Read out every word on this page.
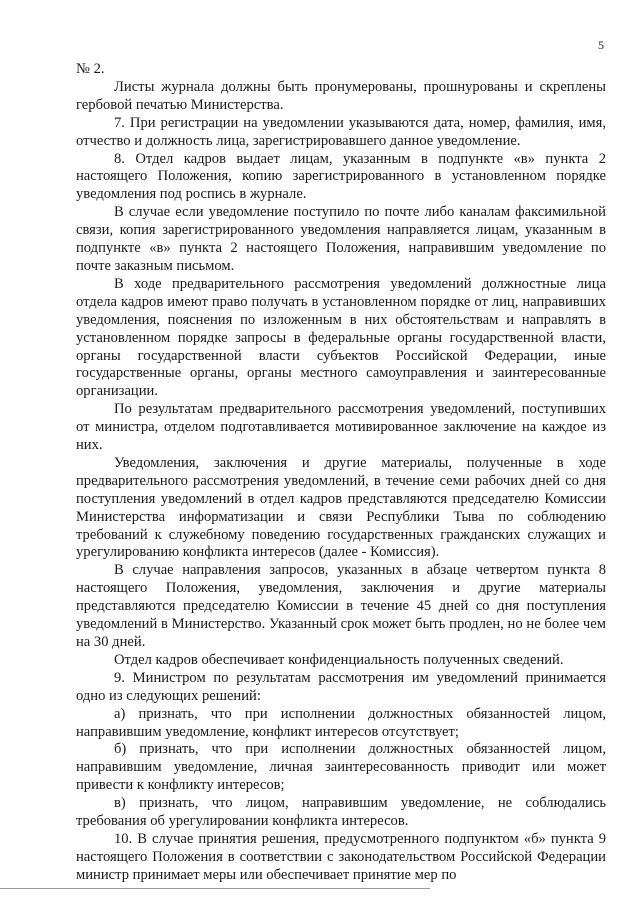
5

№ 2.

Листы журнала должны быть пронумерованы, прошнурованы и скреплены гербовой печатью Министерства.

7. При регистрации на уведомлении указываются дата, номер, фамилия, имя, отчество и должность лица, зарегистрировавшего данное уведомление.

8. Отдел кадров выдает лицам, указанным в подпункте «в» пункта 2 настоящего Положения, копию зарегистрированного в установленном порядке уведомления под роспись в журнале.

В случае если уведомление поступило по почте либо каналам факсимильной связи, копия зарегистрированного уведомления направляется лицам, указанным в подпункте «в» пункта 2 настоящего Положения, направившим уведомление по почте заказным письмом.

В ходе предварительного рассмотрения уведомлений должностные лица отдела кадров имеют право получать в установленном порядке от лиц, направивших уведомления, пояснения по изложенным в них обстоятельствам и направлять в установленном порядке запросы в федеральные органы государственной власти, органы государственной власти субъектов Российской Федерации, иные государственные органы, органы местного самоуправления и заинтересованные организации.

По результатам предварительного рассмотрения уведомлений, поступивших от министра, отделом подготавливается мотивированное заключение на каждое из них.

Уведомления, заключения и другие материалы, полученные в ходе предварительного рассмотрения уведомлений, в течение семи рабочих дней со дня поступления уведомлений в отдел кадров представляются председателю Комиссии Министерства информатизации и связи Республики Тыва по соблюдению требований к служебному поведению государственных гражданских служащих и урегулированию конфликта интересов (далее - Комиссия).

В случае направления запросов, указанных в абзаце четвертом пункта 8 настоящего Положения, уведомления, заключения и другие материалы представляются председателю Комиссии в течение 45 дней со дня поступления уведомлений в Министерство. Указанный срок может быть продлен, но не более чем на 30 дней.

Отдел кадров обеспечивает конфиденциальность полученных сведений.

9. Министром по результатам рассмотрения им уведомлений принимается одно из следующих решений:

а) признать, что при исполнении должностных обязанностей лицом, направившим уведомление, конфликт интересов отсутствует;

б) признать, что при исполнении должностных обязанностей лицом, направившим уведомление, личная заинтересованность приводит или может привести к конфликту интересов;

в) признать, что лицом, направившим уведомление, не соблюдались требования об урегулировании конфликта интересов.

10. В случае принятия решения, предусмотренного подпунктом «б» пункта 9 настоящего Положения в соответствии с законодательством Российской Федерации министр принимает меры или обеспечивает принятие мер по
